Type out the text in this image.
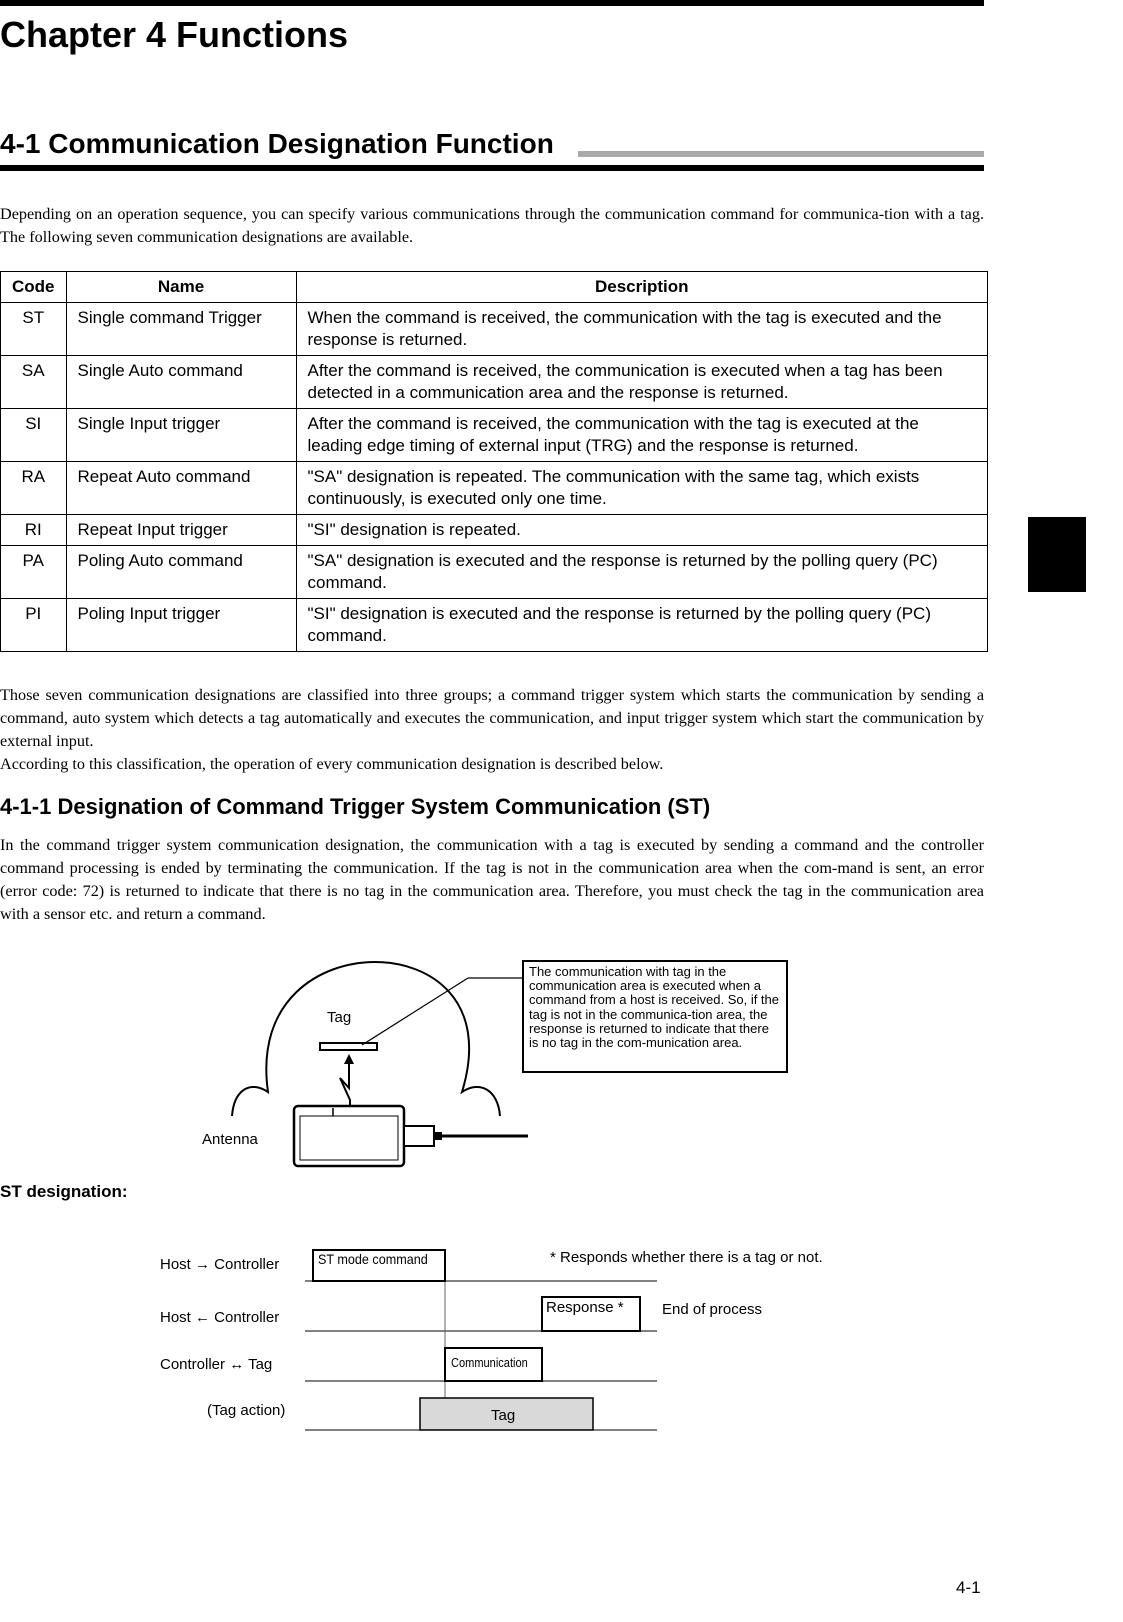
Chapter 4 Functions
4-1 Communication Designation Function
Depending on an operation sequence, you can specify various communications through the communication command for communica-tion with a tag. The following seven communication designations are available.
Code	Name	Description
ST	Single command Trigger	When the command is received, the communication with the tag is executed and the response is returned.
SA	Single Auto command	After the command is received, the communication is executed when a tag has been detected in a communication area and the response is returned.
SI	Single Input trigger	After the command is received, the communication with the tag is executed at the leading edge timing of external input (TRG) and the response is returned.
RA	Repeat Auto command	"SA" designation is repeated. The communication with the same tag, which exists continuously, is executed only one time.
RI	Repeat Input trigger	"SI" designation is repeated.
PA	Poling Auto command	"SA" designation is executed and the response is returned by the polling query (PC) command.
PI	Poling Input trigger	"SI" designation is executed and the response is returned by the polling query (PC) command.
Those seven communication designations are classified into three groups; a command trigger system which starts the communication by sending a command, auto system which detects a tag automatically and executes the communication, and input trigger system which start the communication by external input.
According to this classification, the operation of every communication designation is described below.
4-1-1 Designation of Command Trigger System Communication (ST)
In the command trigger system communication designation, the communication with a tag is executed by sending a command and the controller command processing is ended by terminating the communication. If the tag is not in the communication area when the com-mand is sent, an error (error code: 72) is returned to indicate that there is no tag in the communication area. Therefore, you must check the tag in the communication area with a sensor etc. and return a command.
Tag
Antenna
The communication with tag in the communication area is executed when a command from a host is received. So, if the tag is not in the communica-tion area, the response is returned to indicate that there is no tag in the com-munication area.
ST designation:
Host → Controller
Host ← Controller
Controller ↔ Tag
(Tag action)
ST mode command
Response *
Communication
Tag
* Responds whether there is a tag or not.
End of process
4-1
